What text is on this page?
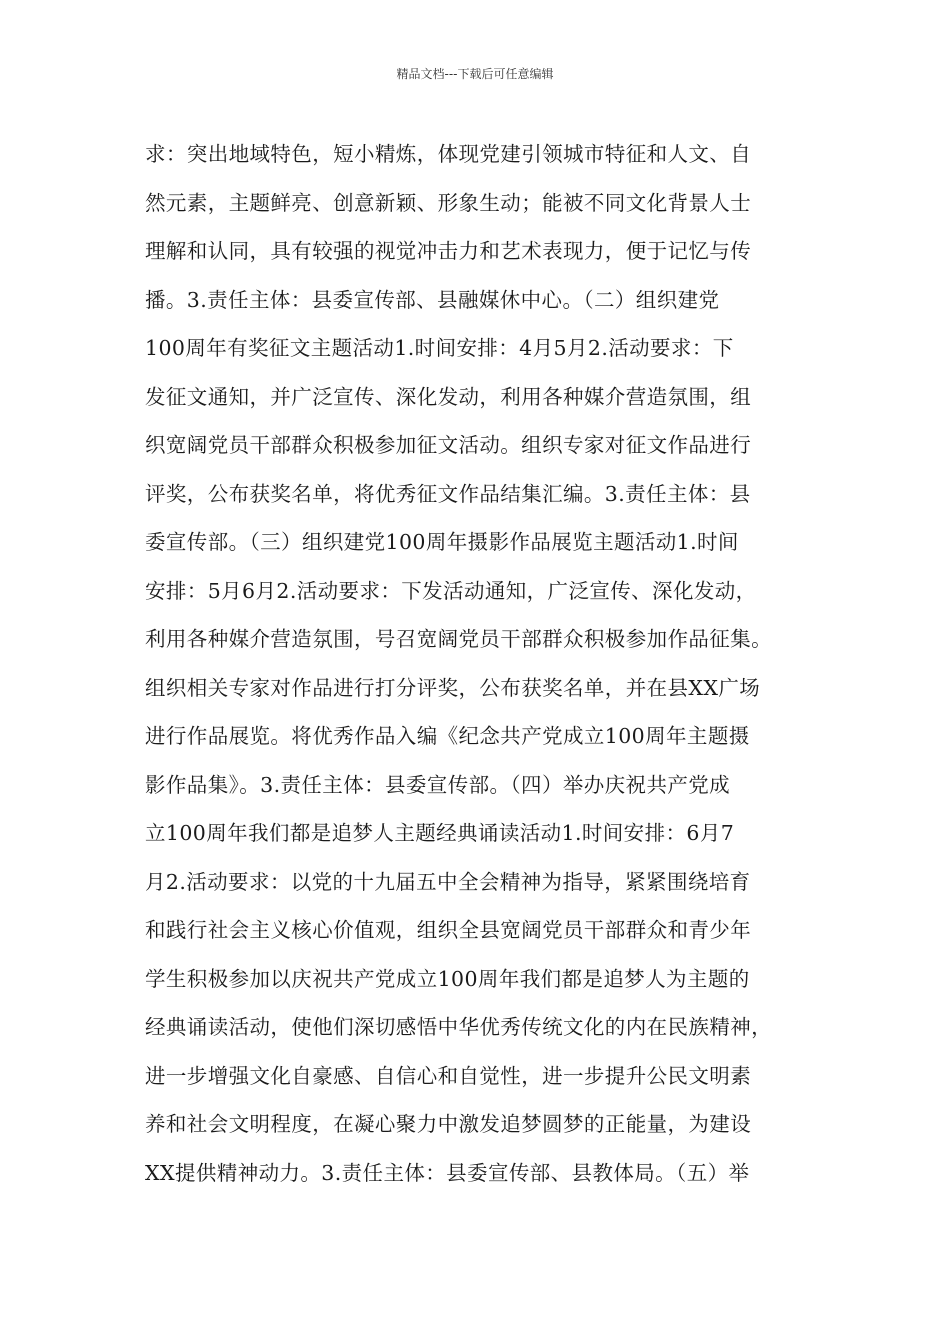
精品文档---下载后可任意编辑
求：突出地域特色，短小精炼，体现党建引领城市特征和人文、自
然元素，主题鲜亮、创意新颖、形象生动；能被不同文化背景人士
理解和认同，具有较强的视觉冲击力和艺术表现力，便于记忆与传
播。3.责任主体：县委宣传部、县融媒休中心。（二）组织建党
100周年有奖征文主题活动1.时间安排：4月5月2.活动要求：下
发征文通知，并广泛宣传、深化发动，利用各种媒介营造氛围，组
织宽阔党员干部群众积极参加征文活动。组织专家对征文作品进行
评奖，公布获奖名单，将优秀征文作品结集汇编。3.责任主体：县
委宣传部。（三）组织建党100周年摄影作品展览主题活动1.时间
安排：5月6月2.活动要求：下发活动通知，广泛宣传、深化发动，
利用各种媒介营造氛围，号召宽阔党员干部群众积极参加作品征集。
组织相关专家对作品进行打分评奖，公布获奖名单，并在县XX广场
进行作品展览。将优秀作品入编《纪念共产党成立100周年主题摄
影作品集》。3.责任主体：县委宣传部。（四）举办庆祝共产党成
立100周年我们都是追梦人主题经典诵读活动1.时间安排：6月7
月2.活动要求：以党的十九届五中全会精神为指导，紧紧围绕培育
和践行社会主义核心价值观，组织全县宽阔党员干部群众和青少年
学生积极参加以庆祝共产党成立100周年我们都是追梦人为主题的
经典诵读活动，使他们深切感悟中华优秀传统文化的内在民族精神，
进一步增强文化自豪感、自信心和自觉性，进一步提升公民文明素
养和社会文明程度，在凝心聚力中激发追梦圆梦的正能量，为建设
XX提供精神动力。3.责任主体：县委宣传部、县教体局。（五）举
